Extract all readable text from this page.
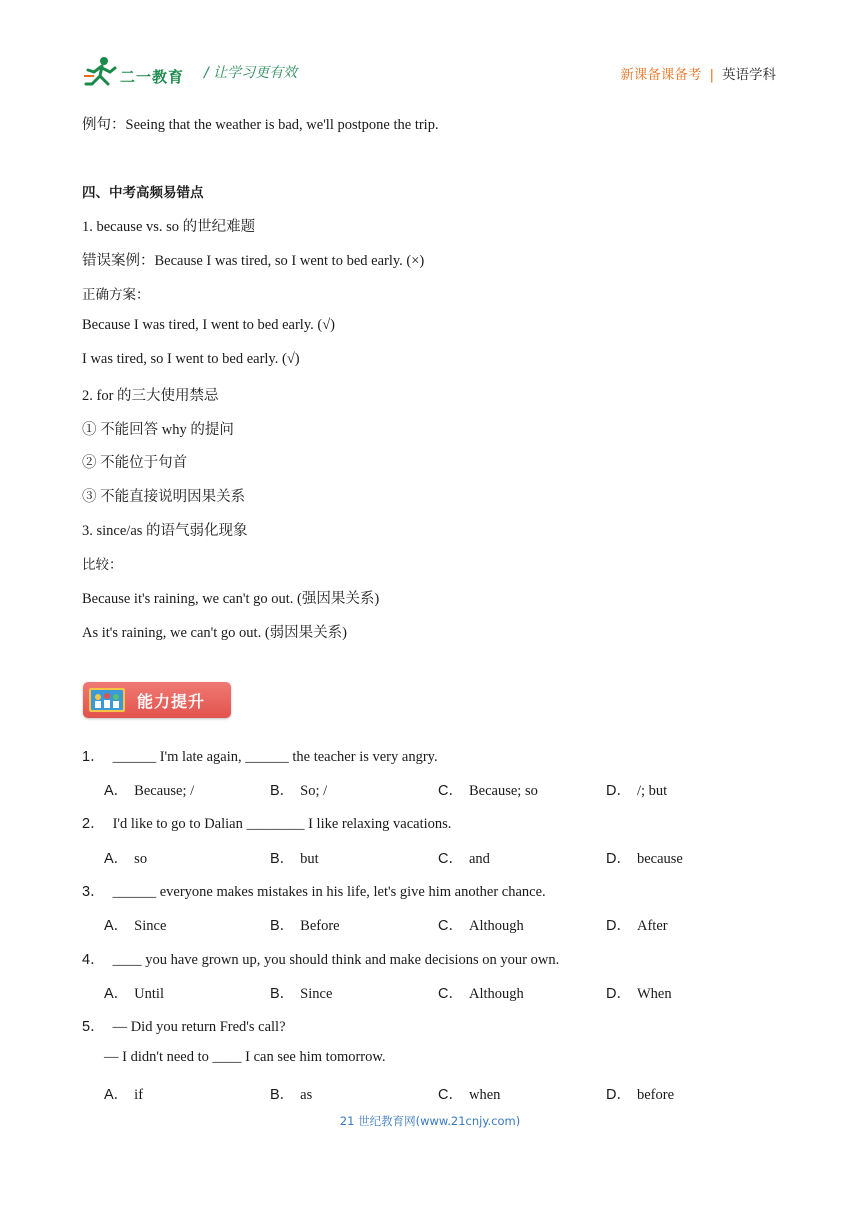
二一教育 / 让学习更有效	新课备课备考 | 英语学科
例句：Seeing that the weather is bad, we'll postpone the trip.
四、中考高频易错点
1. because vs. so 的世纪难题
错误案例：Because I was tired, so I went to bed early. (×)
正确方案：
Because I was tired, I went to bed early. (√)
I was tired, so I went to bed early. (√)
2. for 的三大使用禁忌
① 不能回答 why 的提问
② 不能位于句首
③ 不能直接说明因果关系
3. since/as 的语气弱化现象
比较：
Because it's raining, we can't go out. (强因果关系)
As it's raining, we can't go out. (弱因果关系)
能力提升
1． ______ I'm late again, ______ the teacher is very angry.
A． Because; /	B． So; /	C． Because; so	D． /; but
2． I'd like to go to Dalian ________ I like relaxing vacations.
A． so	B． but	C． and	D． because
3． ______ everyone makes mistakes in his life, let's give him another chance.
A． Since	B． Before	C． Although	D． After
4． ____ you have grown up, you should think and make decisions on your own.
A． Until	B． Since	C． Although	D． When
5． — Did you return Fred's call?
— I didn't need to ____ I can see him tomorrow.
A． if	B． as	C． when	D． before
21 世纪教育网(www.21cnjy.com)
